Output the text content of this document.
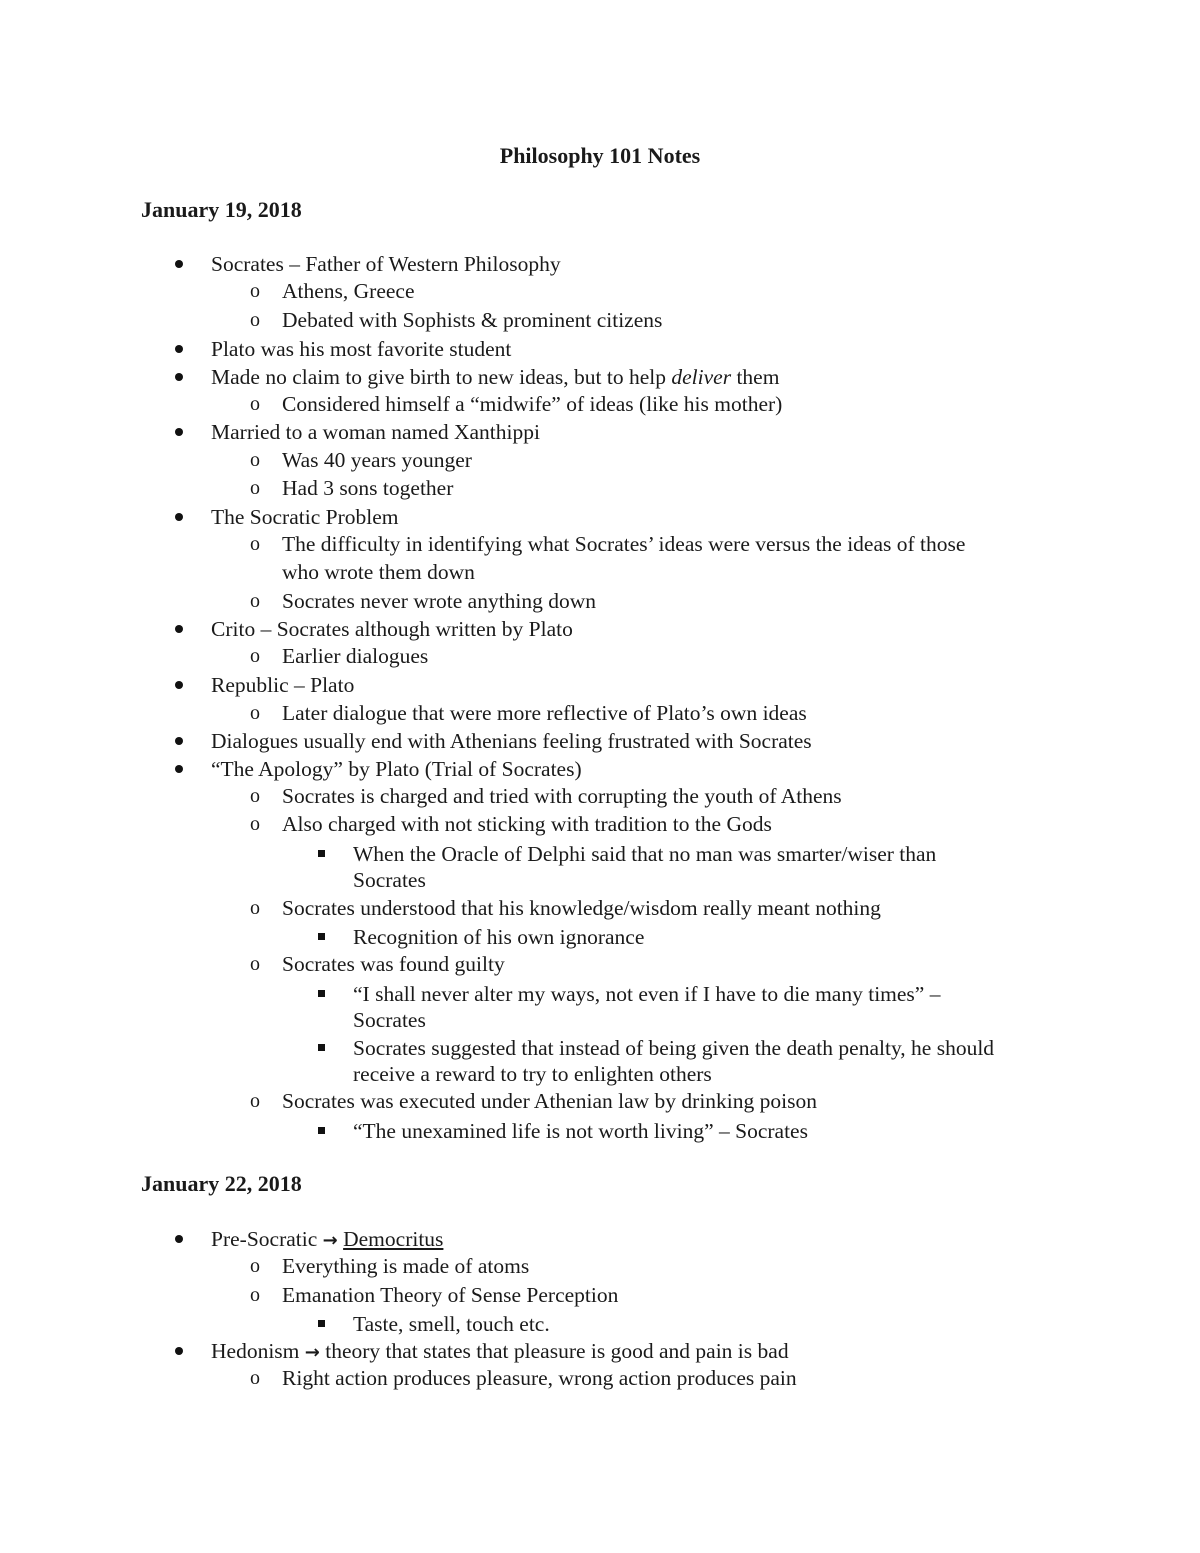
Philosophy 101 Notes
January 19, 2018
Socrates – Father of Western Philosophy
o Athens, Greece
o Debated with Sophists & prominent citizens
Plato was his most favorite student
Made no claim to give birth to new ideas, but to help deliver them
o Considered himself a “midwife” of ideas (like his mother)
Married to a woman named Xanthippi
o Was 40 years younger
o Had 3 sons together
The Socratic Problem
o The difficulty in identifying what Socrates’ ideas were versus the ideas of those
who wrote them down
o Socrates never wrote anything down
Crito – Socrates although written by Plato
o Earlier dialogues
Republic – Plato
o Later dialogue that were more reflective of Plato’s own ideas
Dialogues usually end with Athenians feeling frustrated with Socrates
“The Apology” by Plato (Trial of Socrates)
o Socrates is charged and tried with corrupting the youth of Athens
o Also charged with not sticking with tradition to the Gods
When the Oracle of Delphi said that no man was smarter/wiser than
Socrates
o Socrates understood that his knowledge/wisdom really meant nothing
Recognition of his own ignorance
o Socrates was found guilty
“I shall never alter my ways, not even if I have to die many times” –
Socrates
Socrates suggested that instead of being given the death penalty, he should
receive a reward to try to enlighten others
o Socrates was executed under Athenian law by drinking poison
“The unexamined life is not worth living” – Socrates
January 22, 2018
Pre-Socratic → Democritus
o Everything is made of atoms
o Emanation Theory of Sense Perception
Taste, smell, touch etc.
Hedonism → theory that states that pleasure is good and pain is bad
o Right action produces pleasure, wrong action produces pain
